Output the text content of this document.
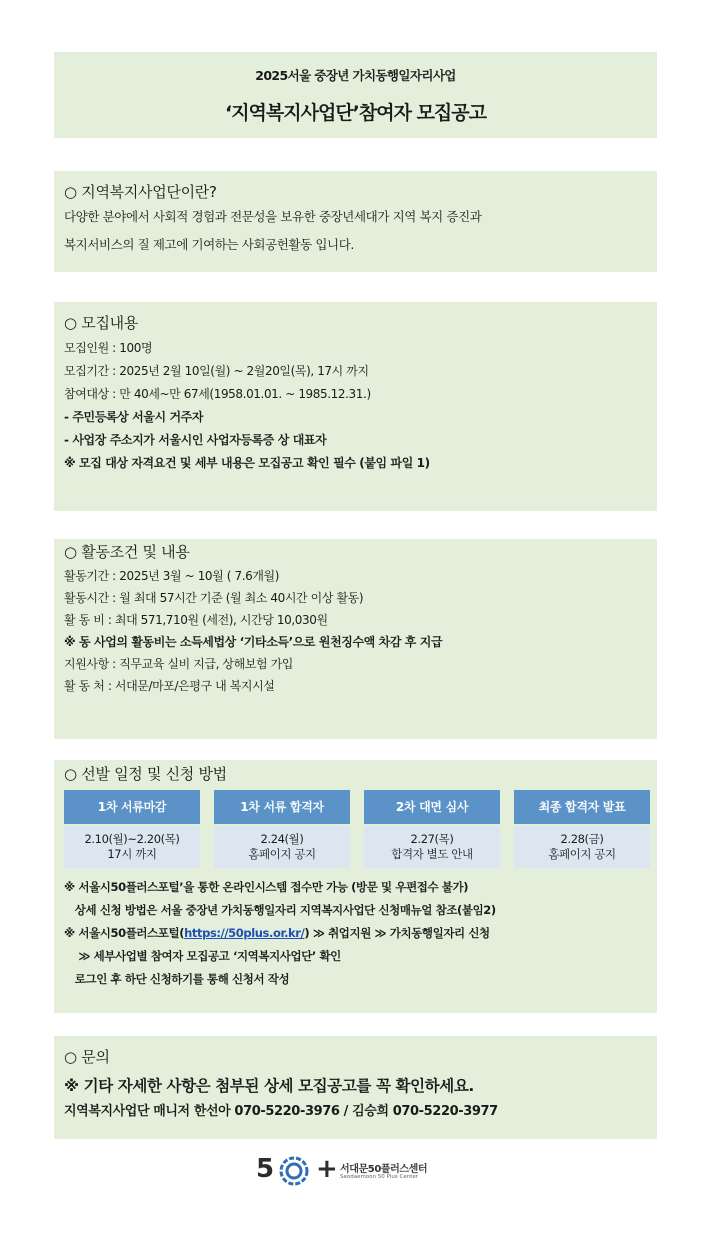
2025서울 중장년 가치동행일자리사업
‘지역복지사업단’참여자 모집공고
○ 지역복지사업단이란?
다양한 분야에서 사회적 경험과 전문성을 보유한 중장년세대가 지역 복지 증진과
복지서비스의 질 제고에 기여하는 사회공헌활동 입니다.
○ 모집내용
모집인원 : 100명
모집기간 : 2025년 2월 10일(월) ~ 2월20일(목), 17시 까지
참여대상 : 만 40세~만 67세(1958.01.01. ~ 1985.12.31.)
- 주민등록상 서울시 거주자
- 사업장 주소지가 서울시인 사업자등록증 상 대표자
※ 모집 대상 자격요건 및 세부 내용은 모집공고 확인 필수 (붙임 파일 1)
○ 활동조건 및 내용
활동기간 : 2025년 3월 ~ 10월 ( 7.6개월)
활동시간 : 월 최대 57시간 기준 (월 최소 40시간 이상 활동)
활 동 비 : 최대 571,710원 (세전), 시간당 10,030원
※ 동 사업의 활동비는 소득세법상 ‘기타소득’으로 원천징수액 차감 후 지급
지원사항 : 직무교육 실비 지급, 상해보험 가입
활 동 처 : 서대문/마포/은평구 내 복지시설
○ 선발 일정 및 신청 방법
1차 서류마감
2.10(월)~2.20(목)
17시 까지
1차 서류 합격자
2.24(월)
홈페이지 공지
2차 대면 심사
2.27(목)
합격자 별도 안내
최종 합격자 발표
2.28(금)
홈페이지 공지
※ 서울시50플러스포털’을 통한 온라인시스템 접수만 가능 (방문 및 우편접수 불가)
상세 신청 방법은 서울 중장년 가치동행일자리 지역복지사업단 신청매뉴얼 참조(붙임2)
※ 서울시50플러스포털(https://50plus.or.kr/) ≫ 취업지원 ≫ 가치동행일자리 신청
≫ 세부사업별 참여자 모집공고 ‘지역복지사업단’ 확인
로그인 후 하단 신청하기를 통해 신청서 작성
○ 문의
※ 기타 자세한 사항은 첨부된 상세 모집공고를 꼭 확인하세요.
지역복지사업단 매니저 한선아 070-5220-3976 / 김승희 070-5220-3977
5 + 서대문50플러스센터
Seodaemoon 50 Plus Center
